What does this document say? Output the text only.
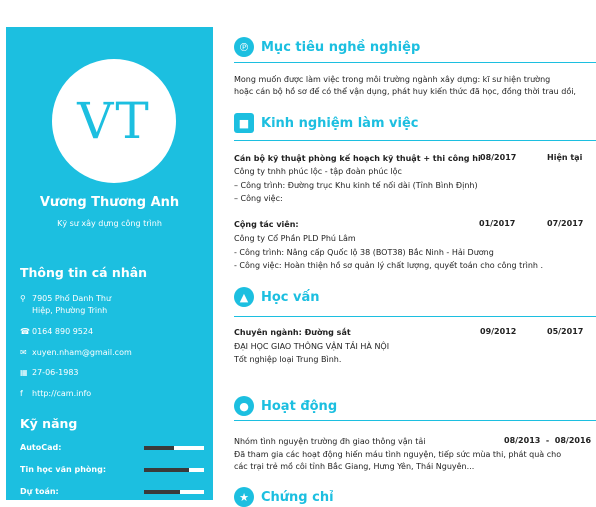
VT
Vương Thương Anh
Kỹ sư xây dựng công trình
Thông tin cá nhân
⚲ 7905 Phố Danh Thư
Hiệp, Phường Trinh
☎ 0164 890 9524
✉ xuyen.nham@gmail.com
▦ 27-06-1983
f	http://cam.info
Kỹ năng
AutoCad:
Tin học văn phòng:
Dự toán:
℗ Mục tiêu nghề nghiệp
Mong muốn được làm việc trong môi trường ngành xây dựng: kĩ sư hiện trường
hoặc cán bộ hồ sơ để có thể vận dụng, phát huy kiến thức đã học, đồng thời trau dồi,
■ Kinh nghiệm làm việc
Cán bộ kỹ thuật phòng kế hoạch kỹ thuật + thi công hi 08/2017	Hiện tại
Công ty tnhh phúc lộc - tập đoàn phúc lộc
– Công trình: Đường trục Khu kinh tế nối dài (Tỉnh Bình Định)
– Công việc:
Cộng tác viên:	01/2017	07/2017
Công ty Cổ Phần PLD Phú Lâm
- Công trình: Nâng cấp Quốc lộ 38 (BOT38) Bắc Ninh - Hải Dương
- Công việc: Hoàn thiện hồ sơ quản lý chất lượng, quyết toán cho công trình .
▲ Học vấn
Chuyên ngành: Đường sắt	09/2012	05/2017
ĐẠI HỌC GIAO THÔNG VẬN TẢI HÀ NỘI
Tốt nghiệp loại Trung Bình.
● Hoạt động
Nhóm tình nguyện trường đh giao thông vận tải	08/2013  -  08/2016
Đã tham gia các hoạt động hiến máu tình nguyện, tiếp sức mùa thi, phát quà cho
các trại trẻ mồ côi tỉnh Bắc Giang, Hưng Yên, Thái Nguyên...
★ Chứng chỉ
